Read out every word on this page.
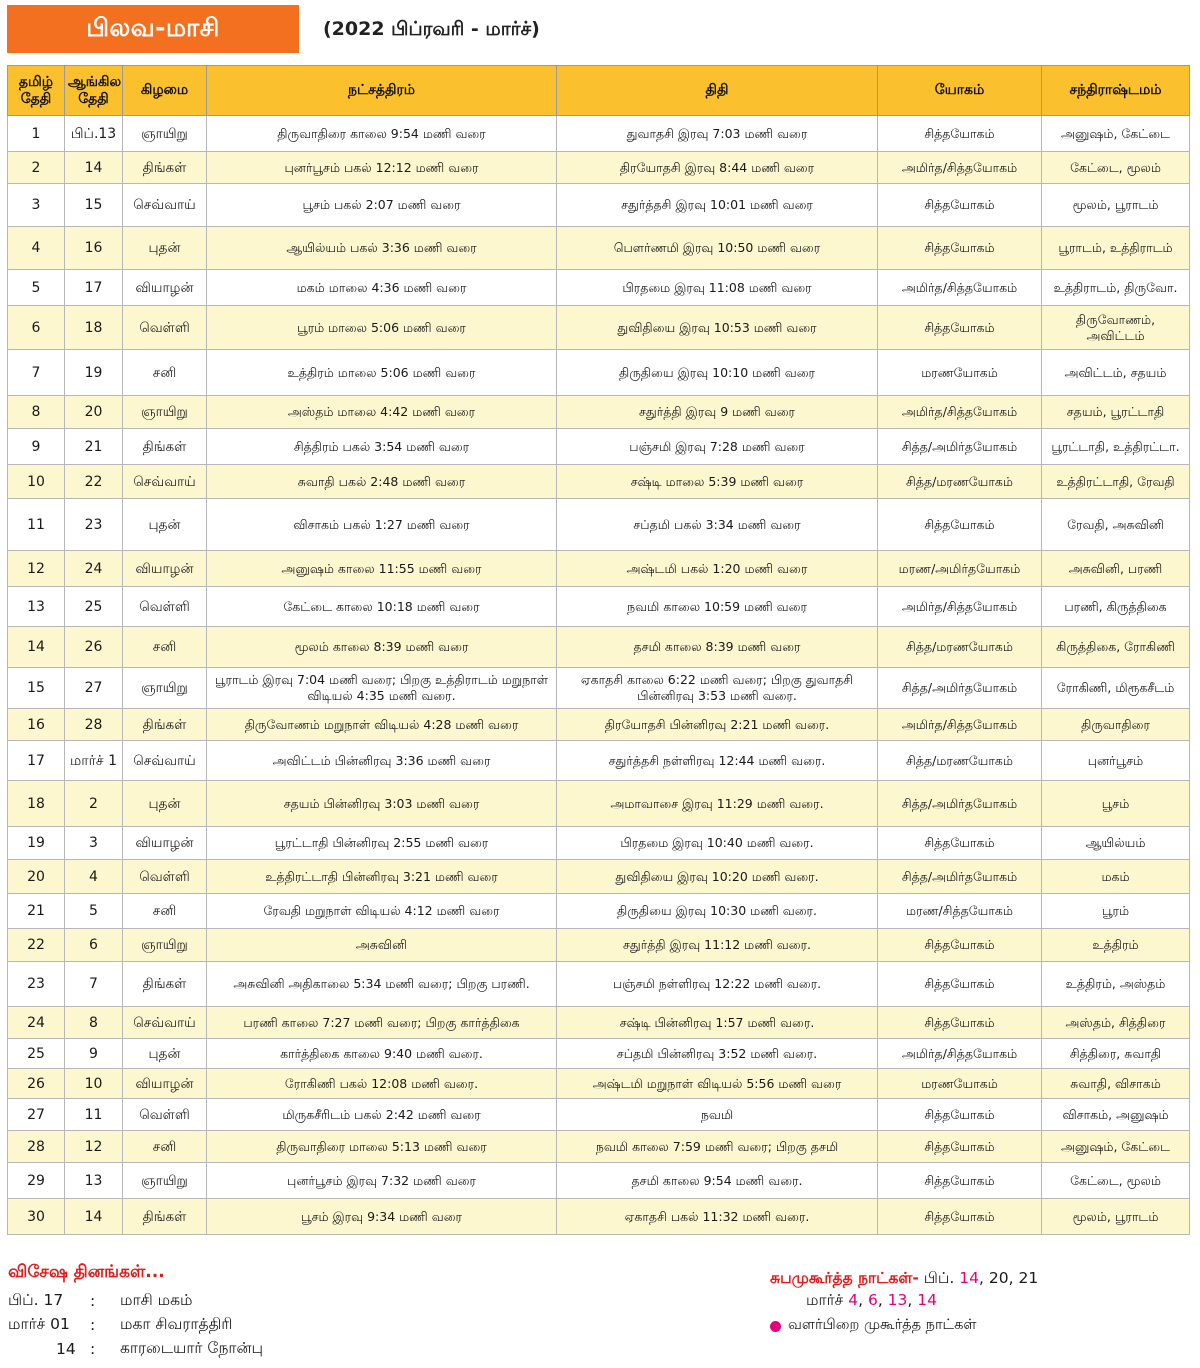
பிலவ-மாசி	(2022 பிப்ரவரி - மார்ச்)
தமிழ் தேதி	ஆங்கில தேதி	கிழமை	நட்சத்திரம்	திதி	யோகம்	சந்திராஷ்டமம்
1	பிப்.13	ஞாயிறு	திருவாதிரை காலை 9:54 மணி வரை	துவாதசி இரவு 7:03 மணி வரை	சித்தயோகம்	அனுஷம், கேட்டை
2	14	திங்கள்	புனர்பூசம் பகல் 12:12 மணி வரை	திரயோதசி இரவு 8:44 மணி வரை	அமிர்த/சித்தயோகம்	கேட்டை, மூலம்
3	15	செவ்வாய்	பூசம் பகல் 2:07 மணி வரை	சதுர்த்தசி இரவு 10:01 மணி வரை	சித்தயோகம்	மூலம், பூராடம்
4	16	புதன்	ஆயில்யம் பகல் 3:36 மணி வரை	பௌர்ணமி இரவு 10:50 மணி வரை	சித்தயோகம்	பூராடம், உத்திராடம்
5	17	வியாழன்	மகம் மாலை 4:36 மணி வரை	பிரதமை இரவு 11:08 மணி வரை	அமிர்த/சித்தயோகம்	உத்திராடம், திருவோ.
6	18	வெள்ளி	பூரம் மாலை 5:06 மணி வரை	துவிதியை இரவு 10:53 மணி வரை	சித்தயோகம்	திருவோணம், அவிட்டம்
7	19	சனி	உத்திரம் மாலை 5:06 மணி வரை	திருதியை இரவு 10:10 மணி வரை	மரணயோகம்	அவிட்டம், சதயம்
8	20	ஞாயிறு	அஸ்தம் மாலை 4:42 மணி வரை	சதுர்த்தி இரவு 9 மணி வரை	அமிர்த/சித்தயோகம்	சதயம், பூரட்டாதி
9	21	திங்கள்	சித்திரம் பகல் 3:54 மணி வரை	பஞ்சமி இரவு 7:28 மணி வரை	சித்த/அமிர்தயோகம்	பூரட்டாதி, உத்திரட்டா.
10	22	செவ்வாய்	சுவாதி பகல் 2:48 மணி வரை	சஷ்டி மாலை 5:39 மணி வரை	சித்த/மரணயோகம்	உத்திரட்டாதி, ரேவதி
11	23	புதன்	விசாகம் பகல் 1:27 மணி வரை	சப்தமி பகல் 3:34 மணி வரை	சித்தயோகம்	ரேவதி, அசுவினி
12	24	வியாழன்	அனுஷம் காலை 11:55 மணி வரை	அஷ்டமி பகல் 1:20 மணி வரை	மரண/அமிர்தயோகம்	அசுவினி, பரணி
13	25	வெள்ளி	கேட்டை காலை 10:18 மணி வரை	நவமி காலை 10:59 மணி வரை	அமிர்த/சித்தயோகம்	பரணி, கிருத்திகை
14	26	சனி	மூலம் காலை 8:39 மணி வரை	தசமி காலை 8:39 மணி வரை	சித்த/மரணயோகம்	கிருத்திகை, ரோகிணி
15	27	ஞாயிறு	பூராடம் இரவு 7:04 மணி வரை; பிறகு உத்திராடம் மறுநாள் விடியல் 4:35 மணி வரை.	ஏகாதசி காலை 6:22 மணி வரை; பிறகு துவாதசி பின்னிரவு 3:53 மணி வரை.	சித்த/அமிர்தயோகம்	ரோகிணி, மிரூகசீடம்
16	28	திங்கள்	திருவோணம் மறுநாள் விடியல் 4:28 மணி வரை	திரயோதசி பின்னிரவு 2:21 மணி வரை.	அமிர்த/சித்தயோகம்	திருவாதிரை
17	மார்ச் 1	செவ்வாய்	அவிட்டம் பின்னிரவு 3:36 மணி வரை	சதுர்த்தசி நள்ளிரவு 12:44 மணி வரை.	சித்த/மரணயோகம்	புனர்பூசம்
18	2	புதன்	சதயம் பின்னிரவு 3:03 மணி வரை	அமாவாசை இரவு 11:29 மணி வரை.	சித்த/அமிர்தயோகம்	பூசம்
19	3	வியாழன்	பூரட்டாதி பின்னிரவு 2:55 மணி வரை	பிரதமை இரவு 10:40 மணி வரை.	சித்தயோகம்	ஆயில்யம்
20	4	வெள்ளி	உத்திரட்டாதி பின்னிரவு 3:21 மணி வரை	துவிதியை இரவு 10:20 மணி வரை.	சித்த/அமிர்தயோகம்	மகம்
21	5	சனி	ரேவதி மறுநாள் விடியல் 4:12 மணி வரை	திருதியை இரவு 10:30 மணி வரை.	மரண/சித்தயோகம்	பூரம்
22	6	ஞாயிறு	அசுவினி	சதுர்த்தி இரவு 11:12 மணி வரை.	சித்தயோகம்	உத்திரம்
23	7	திங்கள்	அசுவினி அதிகாலை 5:34 மணி வரை; பிறகு பரணி.	பஞ்சமி நள்ளிரவு 12:22 மணி வரை.	சித்தயோகம்	உத்திரம், அஸ்தம்
24	8	செவ்வாய்	பரணி காலை 7:27 மணி வரை; பிறகு கார்த்திகை	சஷ்டி பின்னிரவு 1:57 மணி வரை.	சித்தயோகம்	அஸ்தம், சித்திரை
25	9	புதன்	கார்த்திகை காலை 9:40 மணி வரை.	சப்தமி பின்னிரவு 3:52 மணி வரை.	அமிர்த/சித்தயோகம்	சித்திரை, சுவாதி
26	10	வியாழன்	ரோகிணி பகல் 12:08 மணி வரை.	அஷ்டமி மறுநாள் விடியல் 5:56 மணி வரை	மரணயோகம்	சுவாதி, விசாகம்
27	11	வெள்ளி	மிருகசீரிடம் பகல் 2:42 மணி வரை	நவமி	சித்தயோகம்	விசாகம், அனுஷம்
28	12	சனி	திருவாதிரை மாலை 5:13 மணி வரை	நவமி காலை 7:59 மணி வரை; பிறகு தசமி	சித்தயோகம்	அனுஷம், கேட்டை
29	13	ஞாயிறு	புனர்பூசம் இரவு 7:32 மணி வரை	தசமி காலை 9:54 மணி வரை.	சித்தயோகம்	கேட்டை, மூலம்
30	14	திங்கள்	பூசம் இரவு 9:34 மணி வரை	ஏகாதசி பகல் 11:32 மணி வரை.	சித்தயோகம்	மூலம், பூராடம்
விசேஷ தினங்கள்...
பிப். 17	:	மாசி மகம்
மார்ச் 01	:	மகா சிவராத்திரி
14 :	காரடையார் நோன்பு
சுபமுகூர்த்த நாட்கள்- பிப். 14, 20, 21
மார்ச் 4, 6, 13, 14
வளர்பிறை முகூர்த்த நாட்கள்
